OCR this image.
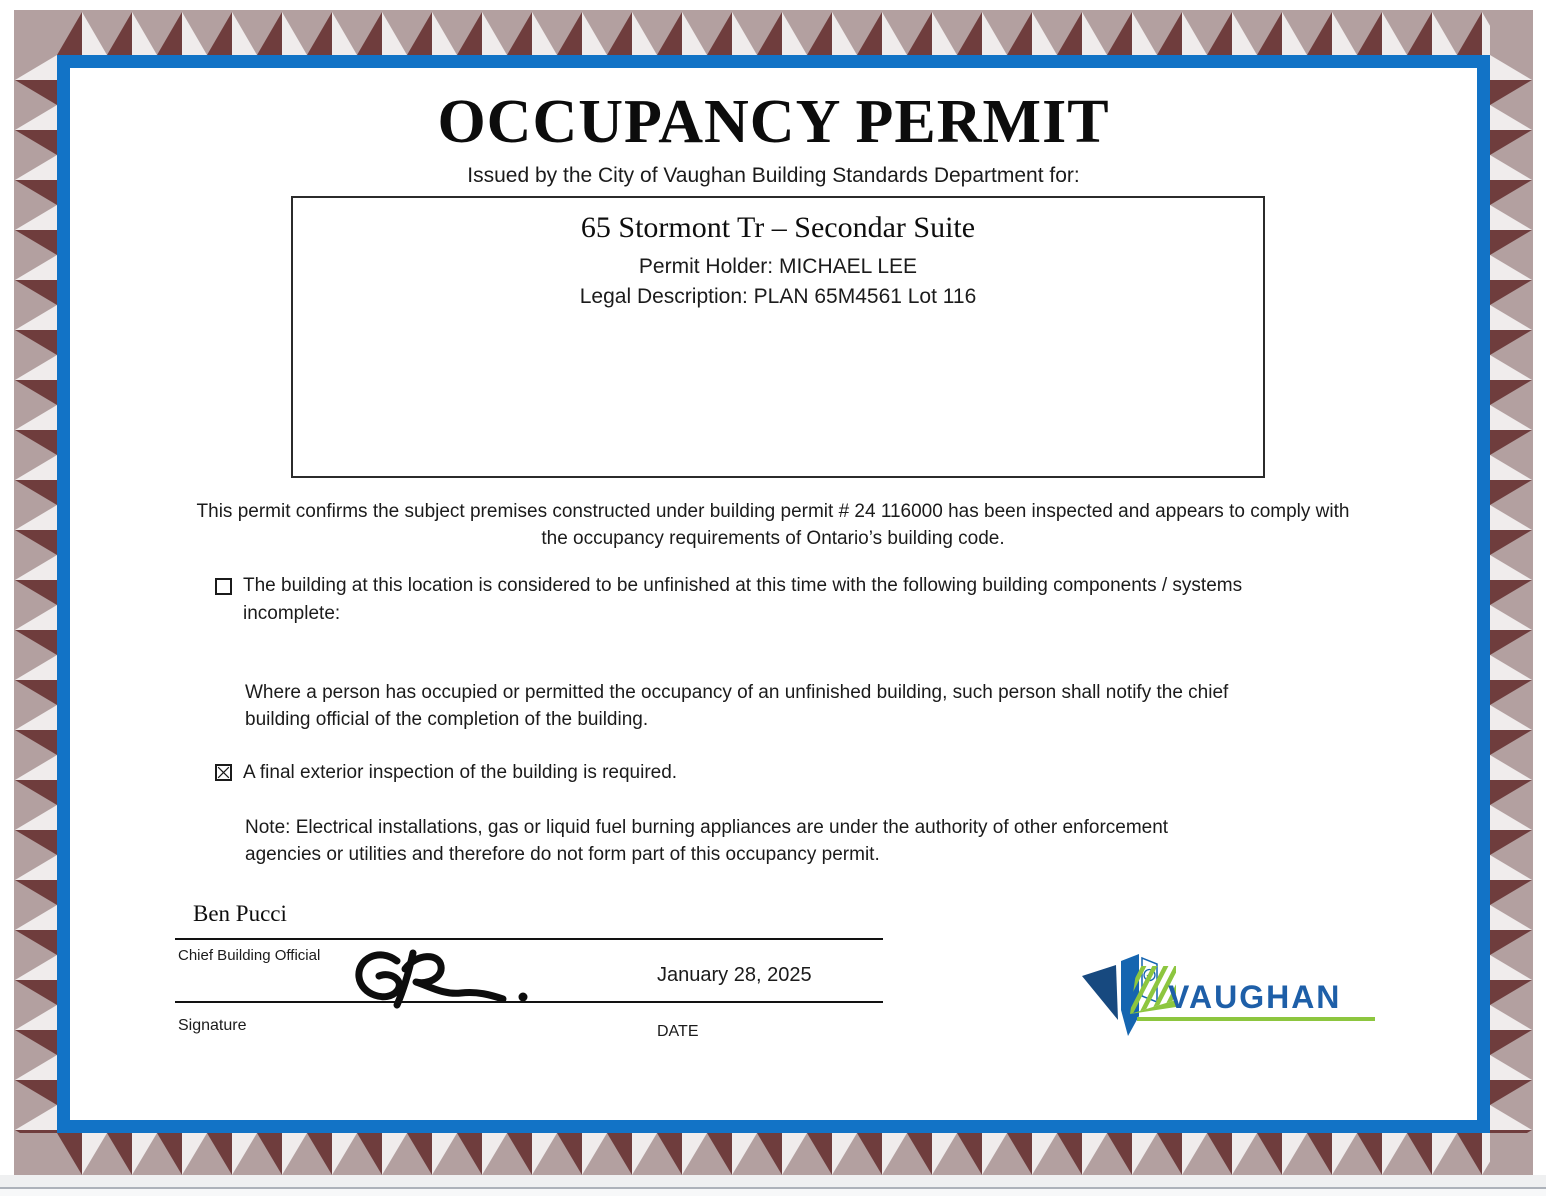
OCCUPANCY PERMIT
Issued by the City of Vaughan Building Standards Department for:
65 Stormont Tr – Secondar Suite
Permit Holder: MICHAEL LEE
Legal Description: PLAN 65M4561 Lot 116
This permit confirms the subject premises constructed under building permit # 24 116000 has been inspected and appears to comply with the occupancy requirements of Ontario’s building code.
The building at this location is considered to be unfinished at this time with the following building components / systems incomplete:
Where a person has occupied or permitted the occupancy of an unfinished building, such person shall notify the chief building official of the completion of the building.
A final exterior inspection of the building is required.
Note: Electrical installations, gas or liquid fuel burning appliances are under the authority of other enforcement agencies or utilities and therefore do not form part of this occupancy permit.
Ben Pucci
Chief Building Official
January 28, 2025
Signature	DATE
VAUGHAN
